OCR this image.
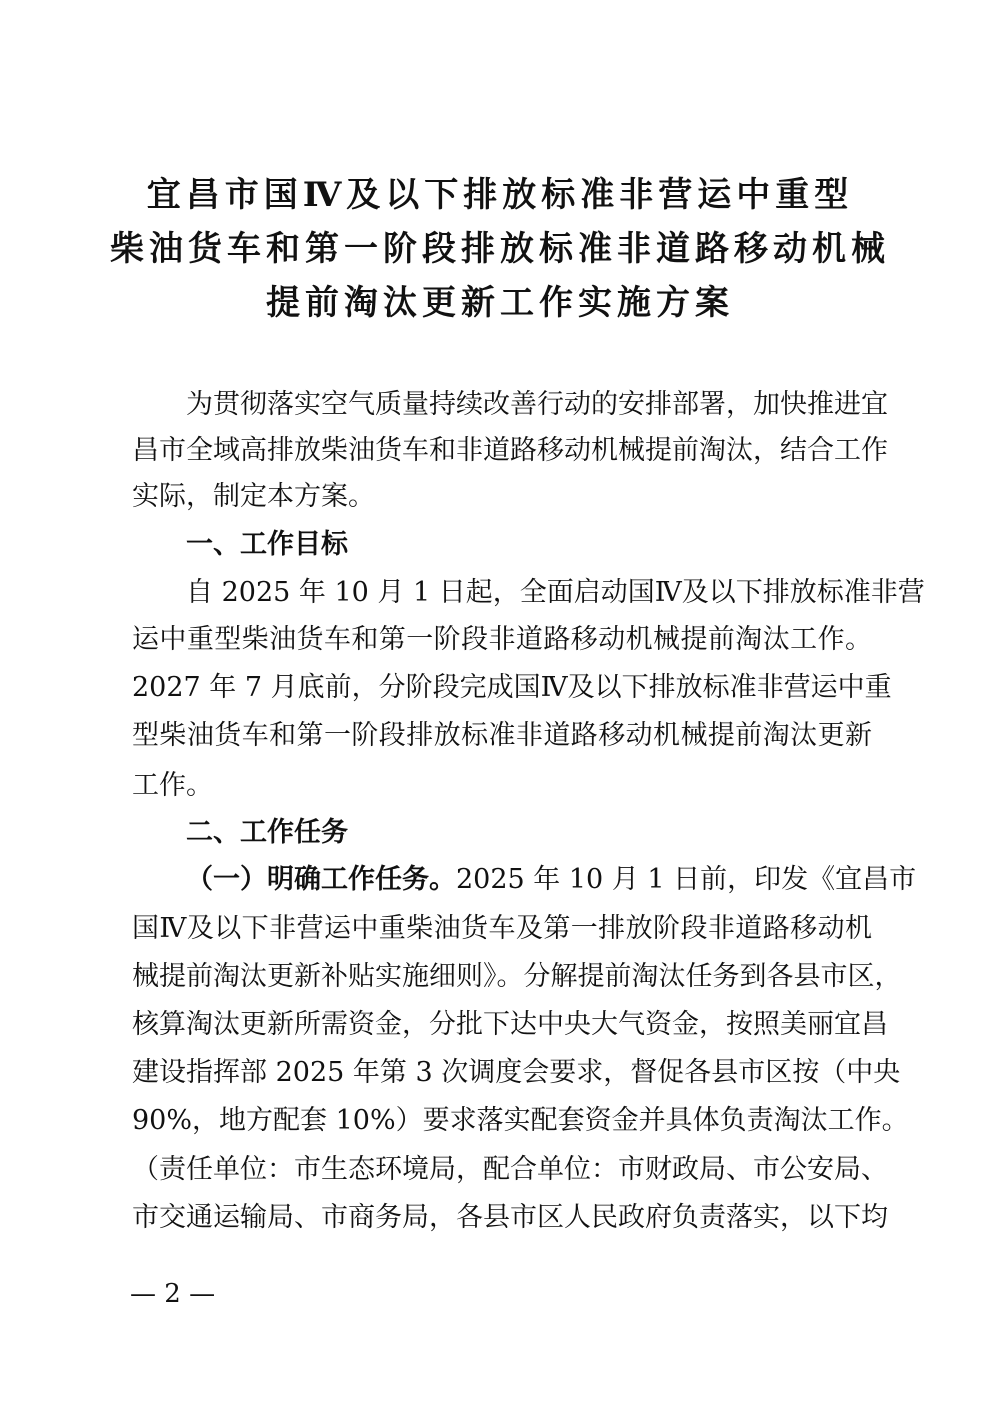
宜昌市国Ⅳ及以下排放标准非营运中重型
柴油货车和第一阶段排放标准非道路移动机械
提前淘汰更新工作实施方案
为贯彻落实空气质量持续改善行动的安排部署，加快推进宜
昌市全域高排放柴油货车和非道路移动机械提前淘汰，结合工作
实际，制定本方案。
一、工作目标
自 2025 年 10 月 1 日起，全面启动国Ⅳ及以下排放标准非营
运中重型柴油货车和第一阶段非道路移动机械提前淘汰工作。
2027 年 7 月底前，分阶段完成国Ⅳ及以下排放标准非营运中重
型柴油货车和第一阶段排放标准非道路移动机械提前淘汰更新
工作。
二、工作任务
（一）明确工作任务。2025 年 10 月 1 日前，印发《宜昌市
国Ⅳ及以下非营运中重柴油货车及第一排放阶段非道路移动机
械提前淘汰更新补贴实施细则》。分解提前淘汰任务到各县市区，
核算淘汰更新所需资金，分批下达中央大气资金，按照美丽宜昌
建设指挥部 2025 年第 3 次调度会要求，督促各县市区按（中央
90%，地方配套 10%）要求落实配套资金并具体负责淘汰工作。
（责任单位：市生态环境局，配合单位：市财政局、市公安局、
市交通运输局、市商务局，各县市区人民政府负责落实，以下均
— 2 —
